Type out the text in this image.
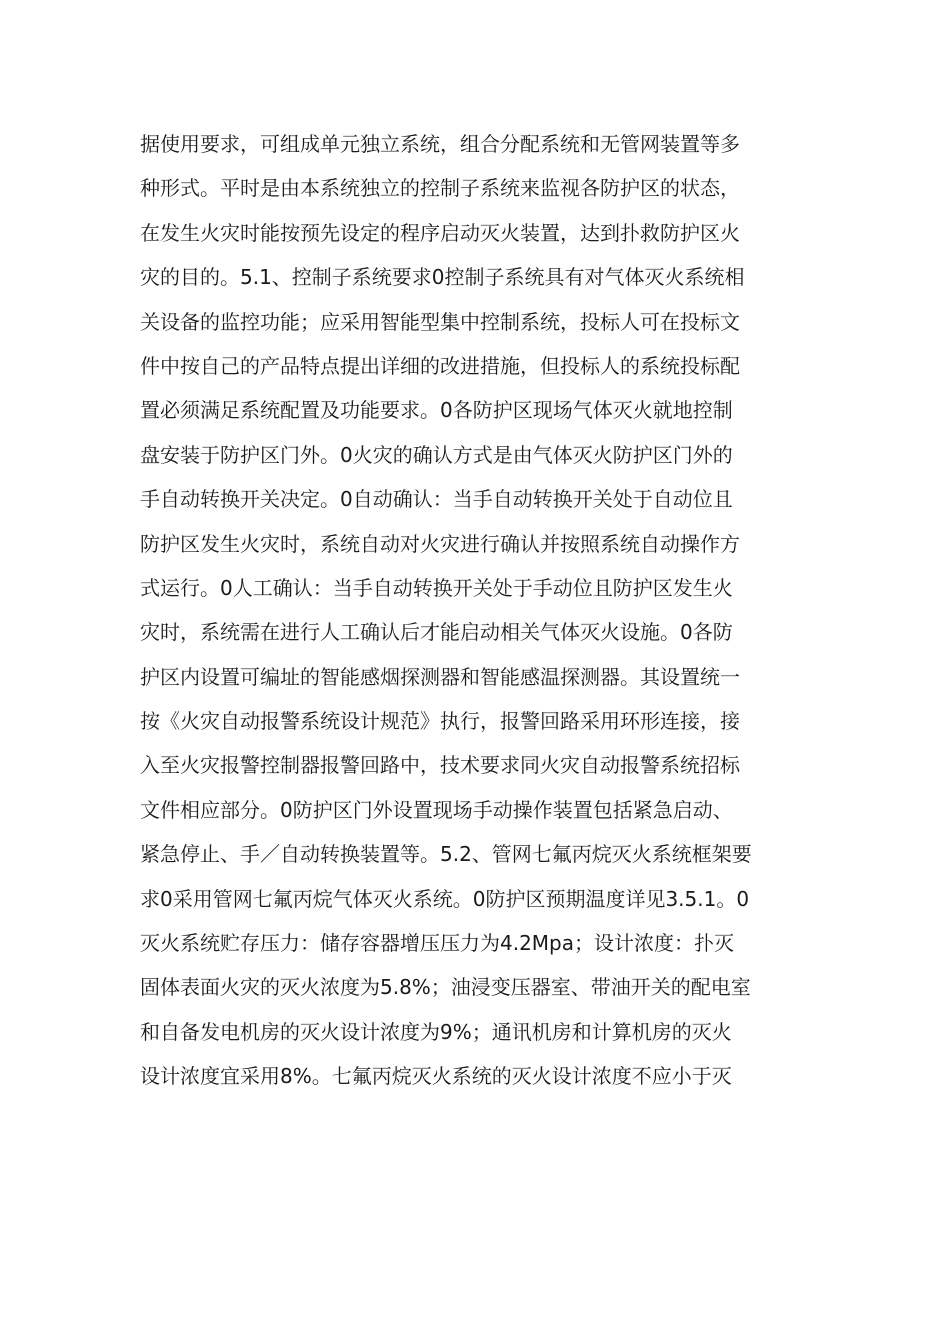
据使用要求，可组成单元独立系统，组合分配系统和无管网装置等多
种形式。平时是由本系统独立的控制子系统来监视各防护区的状态，
在发生火灾时能按预先设定的程序启动灭火装置，达到扑救防护区火
灾的目的。5.1、控制子系统要求0控制子系统具有对气体灭火系统相
关设备的监控功能；应采用智能型集中控制系统，投标人可在投标文
件中按自己的产品特点提出详细的改进措施，但投标人的系统投标配
置必须满足系统配置及功能要求。0各防护区现场气体灭火就地控制
盘安装于防护区门外。0火灾的确认方式是由气体灭火防护区门外的
手自动转换开关决定。0自动确认：当手自动转换开关处于自动位且
防护区发生火灾时，系统自动对火灾进行确认并按照系统自动操作方
式运行。0人工确认：当手自动转换开关处于手动位且防护区发生火
灾时，系统需在进行人工确认后才能启动相关气体灭火设施。0各防
护区内设置可编址的智能感烟探测器和智能感温探测器。其设置统一
按《火灾自动报警系统设计规范》执行，报警回路采用环形连接，接
入至火灾报警控制器报警回路中，技术要求同火灾自动报警系统招标
文件相应部分。0防护区门外设置现场手动操作装置包括紧急启动、
紧急停止、手／自动转换装置等。5.2、管网七氟丙烷灭火系统框架要
求0采用管网七氟丙烷气体灭火系统。0防护区预期温度详见3.5.1。0
灭火系统贮存压力：储存容器增压压力为4.2Mpa；设计浓度：扑灭
固体表面火灾的灭火浓度为5.8%；油浸变压器室、带油开关的配电室
和自备发电机房的灭火设计浓度为9%；通讯机房和计算机房的灭火
设计浓度宜采用8%。七氟丙烷灭火系统的灭火设计浓度不应小于灭
